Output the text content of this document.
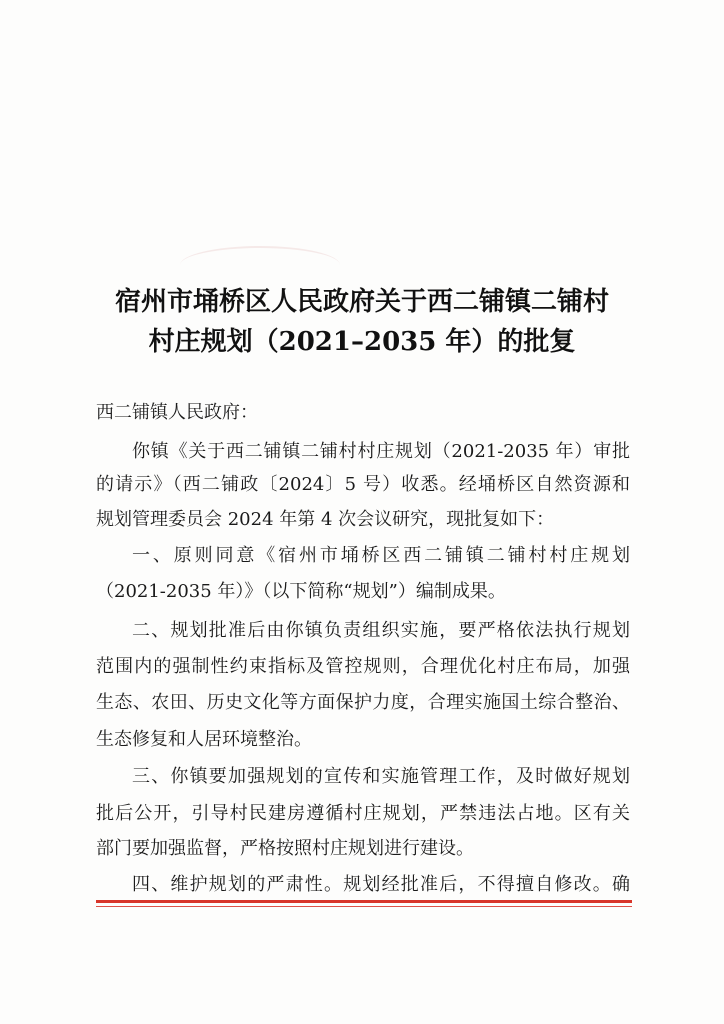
宿州市埇桥区人民政府关于西二铺镇二铺村
村庄规划（2021–2035 年）的批复
西二铺镇人民政府：
你镇《关于西二铺镇二铺村村庄规划（2021-2035 年）审批
的请示》（西二铺政〔2024〕5 号）收悉。经埇桥区自然资源和
规划管理委员会 2024 年第 4 次会议研究，现批复如下：
一、原则同意《宿州市埇桥区西二铺镇二铺村村庄规划
（2021-2035 年）》（以下简称“规划”）编制成果。
二、规划批准后由你镇负责组织实施，要严格依法执行规划
范围内的强制性约束指标及管控规则，合理优化村庄布局，加强
生态、农田、历史文化等方面保护力度，合理实施国土综合整治、
生态修复和人居环境整治。
三、你镇要加强规划的宣传和实施管理工作，及时做好规划
批后公开，引导村民建房遵循村庄规划，严禁违法占地。区有关
部门要加强监督，严格按照村庄规划进行建设。
四、维护规划的严肃性。规划经批准后，不得擅自修改。确
